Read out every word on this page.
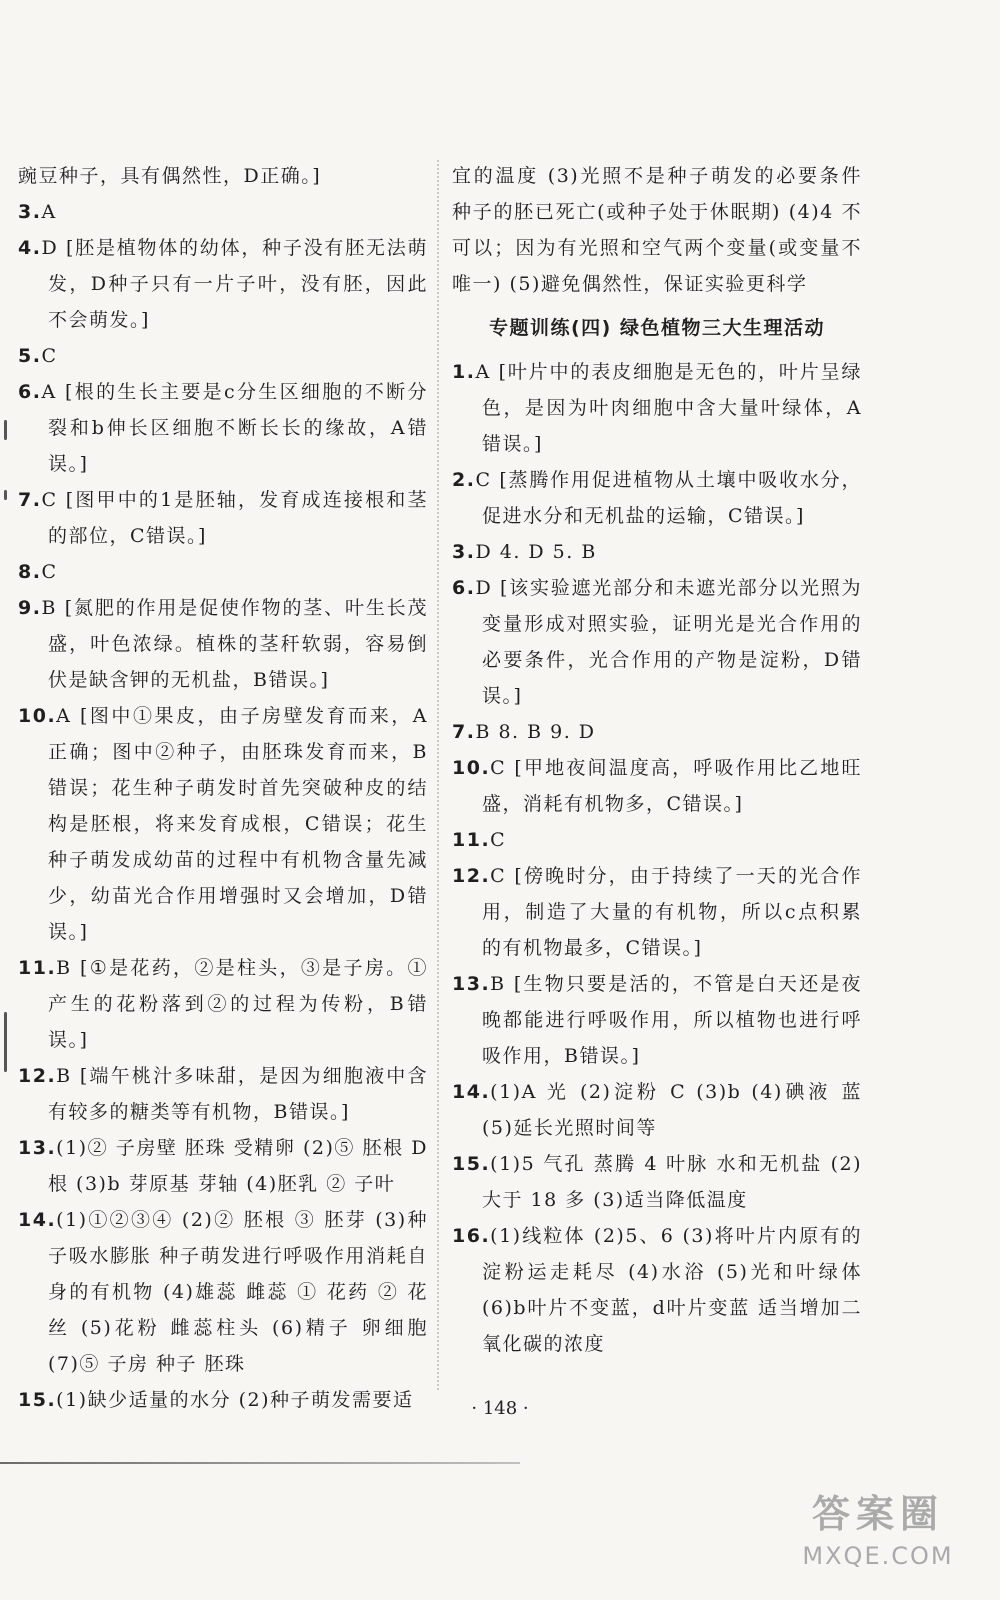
豌豆种子，具有偶然性，D正确。]

3.A

4.D [胚是植物体的幼体，种子没有胚无法萌发，D种子只有一片子叶，没有胚，因此不会萌发。]

5.C

6.A [根的生长主要是c分生区细胞的不断分裂和b伸长区细胞不断长长的缘故，A错误。]

7.C [图甲中的1是胚轴，发育成连接根和茎的部位，C错误。]

8.C

9.B [氮肥的作用是促使作物的茎、叶生长茂盛，叶色浓绿。植株的茎秆软弱，容易倒伏是缺含钾的无机盐，B错误。]

10.A [图中①果皮，由子房壁发育而来，A正确；图中②种子，由胚珠发育而来，B错误；花生种子萌发时首先突破种皮的结构是胚根，将来发育成根，C错误；花生种子萌发成幼苗的过程中有机物含量先减少，幼苗光合作用增强时又会增加，D错误。]

11.B [①是花药，②是柱头，③是子房。①产生的花粉落到②的过程为传粉，B错误。]

12.B [端午桃汁多味甜，是因为细胞液中含有较多的糖类等有机物，B错误。]

13.(1)② 子房壁 胚珠 受精卵 (2)⑤ 胚根 D 根 (3)b 芽原基 芽轴 (4)胚乳 ② 子叶

14.(1)①②③④ (2)② 胚根 ③ 胚芽 (3)种子吸水膨胀 种子萌发进行呼吸作用消耗自身的有机物 (4)雄蕊 雌蕊 ① 花药 ② 花丝 (5)花粉 雌蕊柱头 (6)精子 卵细胞 (7)⑤ 子房 种子 胚珠

15.(1)缺少适量的水分 (2)种子萌发需要适

宜的温度 (3)光照不是种子萌发的必要条件 种子的胚已死亡(或种子处于休眠期) (4)4 不可以；因为有光照和空气两个变量(或变量不唯一) (5)避免偶然性，保证实验更科学

专题训练(四) 绿色植物三大生理活动

1.A [叶片中的表皮细胞是无色的，叶片呈绿色，是因为叶肉细胞中含大量叶绿体，A错误。]

2.C [蒸腾作用促进植物从土壤中吸收水分，促进水分和无机盐的运输，C错误。]

3.D 4. D 5. B

6.D [该实验遮光部分和未遮光部分以光照为变量形成对照实验，证明光是光合作用的必要条件，光合作用的产物是淀粉，D错误。]

7.B 8. B 9. D

10.C [甲地夜间温度高，呼吸作用比乙地旺盛，消耗有机物多，C错误。]

11.C

12.C [傍晚时分，由于持续了一天的光合作用，制造了大量的有机物，所以c点积累的有机物最多，C错误。]

13.B [生物只要是活的，不管是白天还是夜晚都能进行呼吸作用，所以植物也进行呼吸作用，B错误。]

14.(1)A 光 (2)淀粉 C (3)b (4)碘液 蓝 (5)延长光照时间等

15.(1)5 气孔 蒸腾 4 叶脉 水和无机盐 (2)大于 18 多 (3)适当降低温度

16.(1)线粒体 (2)5、6 (3)将叶片内原有的淀粉运走耗尽 (4)水浴 (5)光和叶绿体 (6)b叶片不变蓝，d叶片变蓝 适当增加二氧化碳的浓度

· 148 ·
答案圈
MXQE.COM
